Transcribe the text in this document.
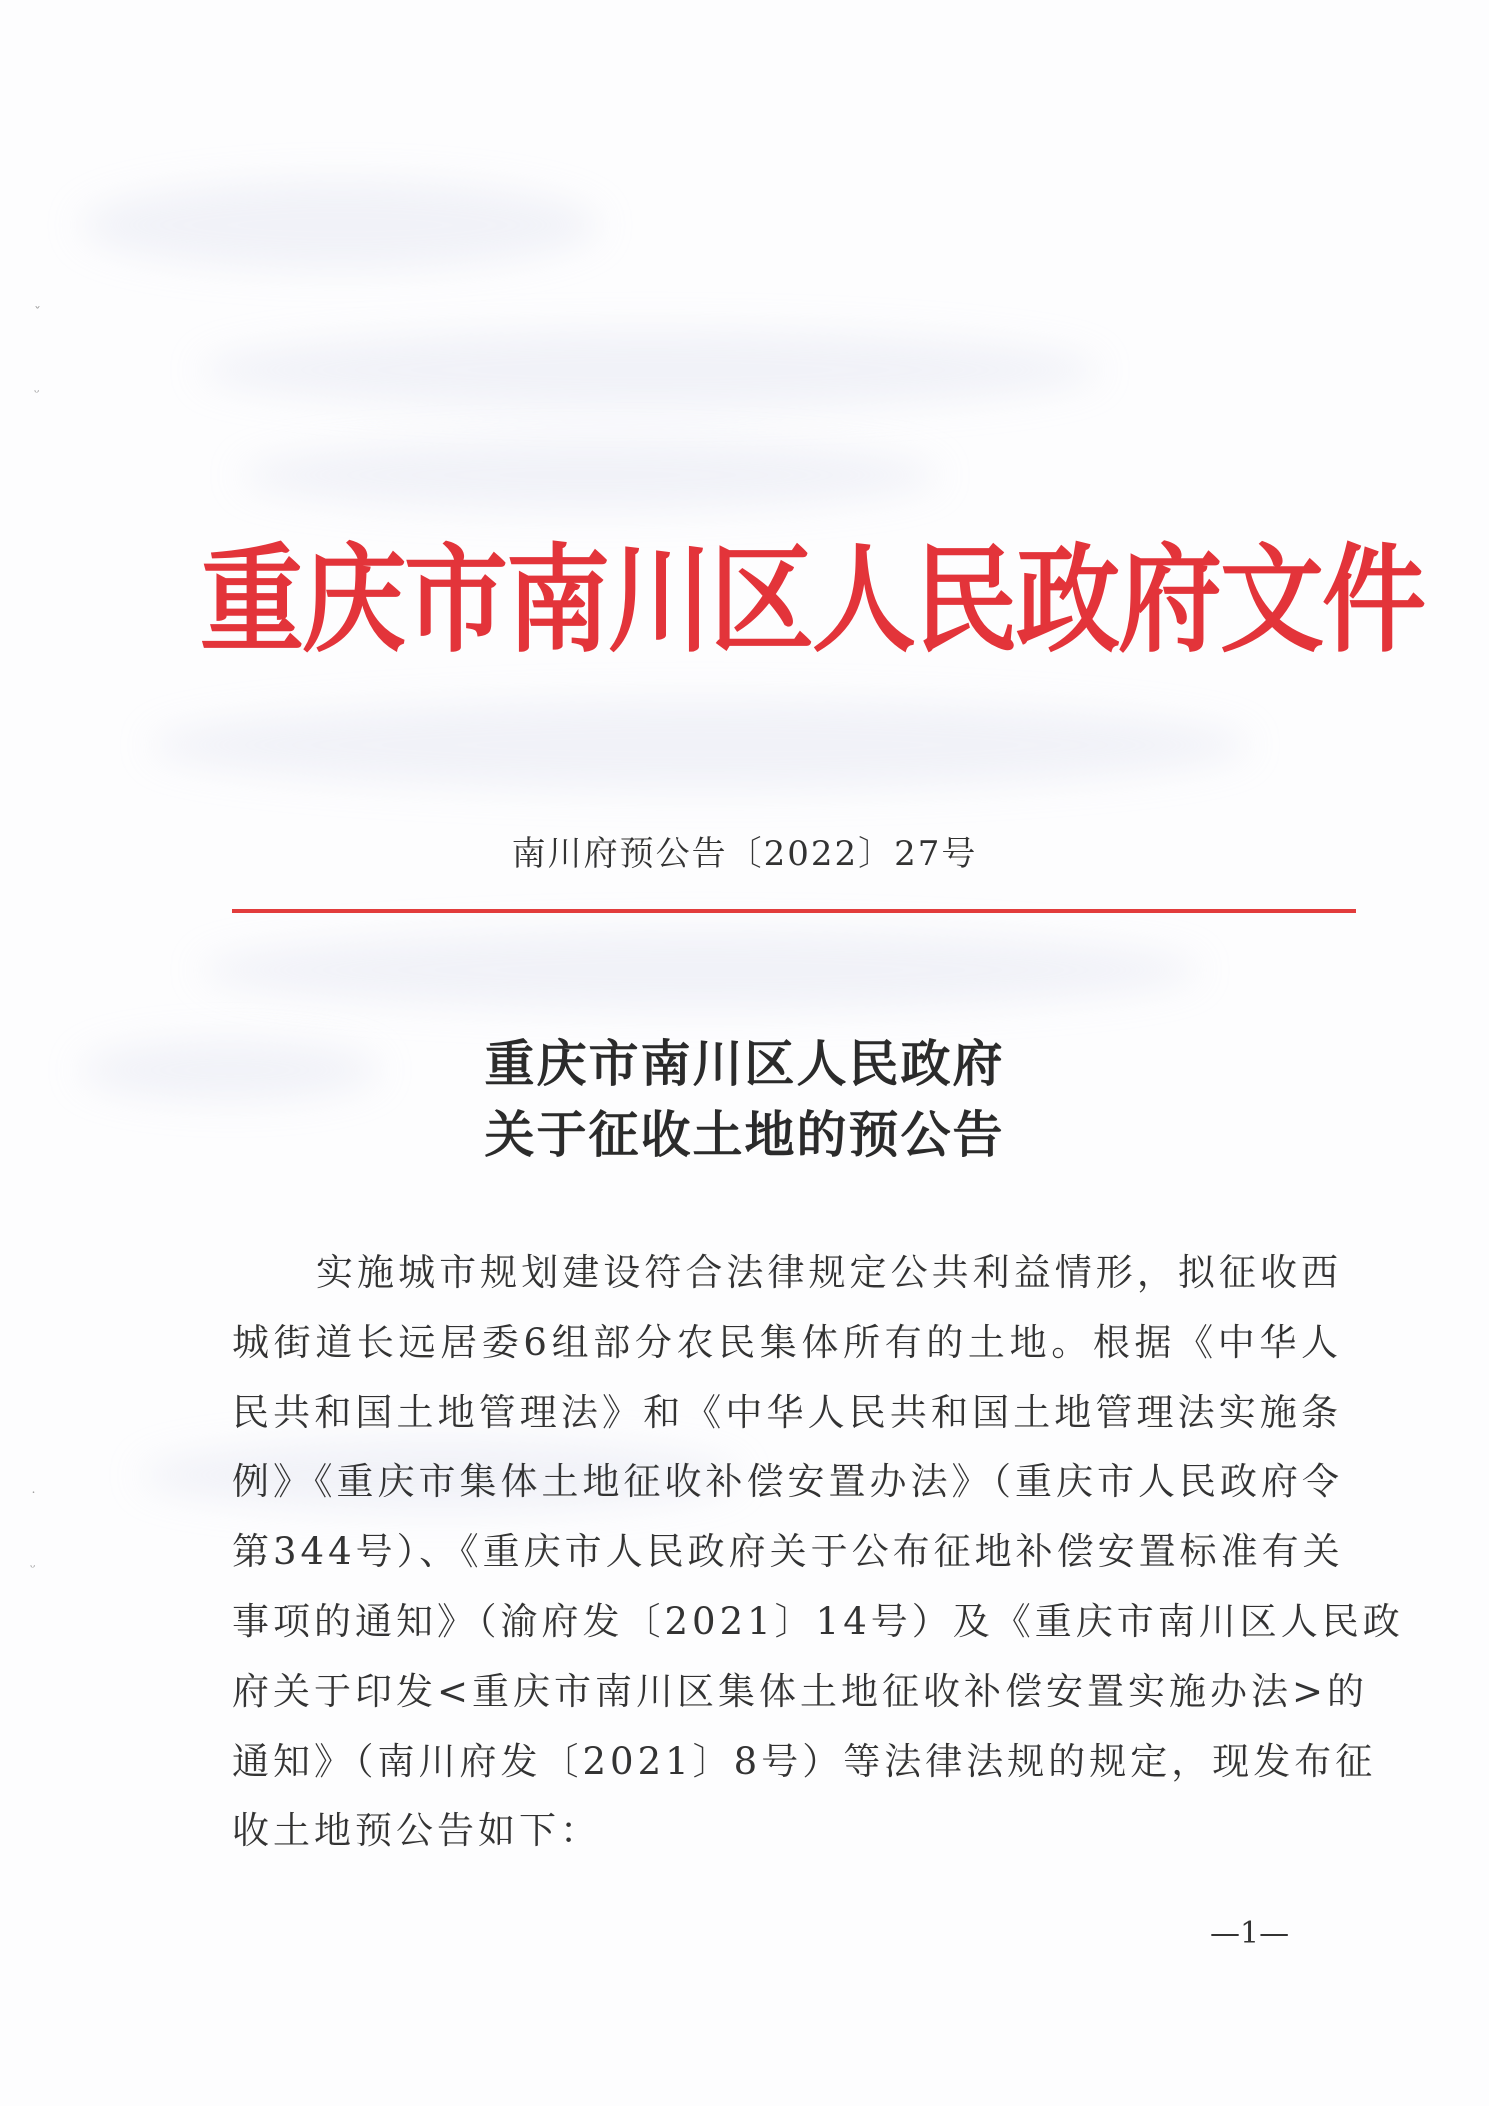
ˇ
ᵕ
˙
ᵕ
重庆市南川区人民政府文件
南川府预公告〔2022〕27号
重庆市南川区人民政府
关于征收土地的预公告
实施城市规划建设符合法律规定公共利益情形，拟征收西
城街道长远居委6组部分农民集体所有的土地。根据《中华人
民共和国土地管理法》和《中华人民共和国土地管理法实施条
例》《重庆市集体土地征收补偿安置办法》（重庆市人民政府令
第344号）、《重庆市人民政府关于公布征地补偿安置标准有关
事项的通知》（渝府发〔2021〕14号）及《重庆市南川区人民政
府关于印发<重庆市南川区集体土地征收补偿安置实施办法>的
通知》（南川府发〔2021〕8号）等法律法规的规定，现发布征
收土地预公告如下：
—1—
